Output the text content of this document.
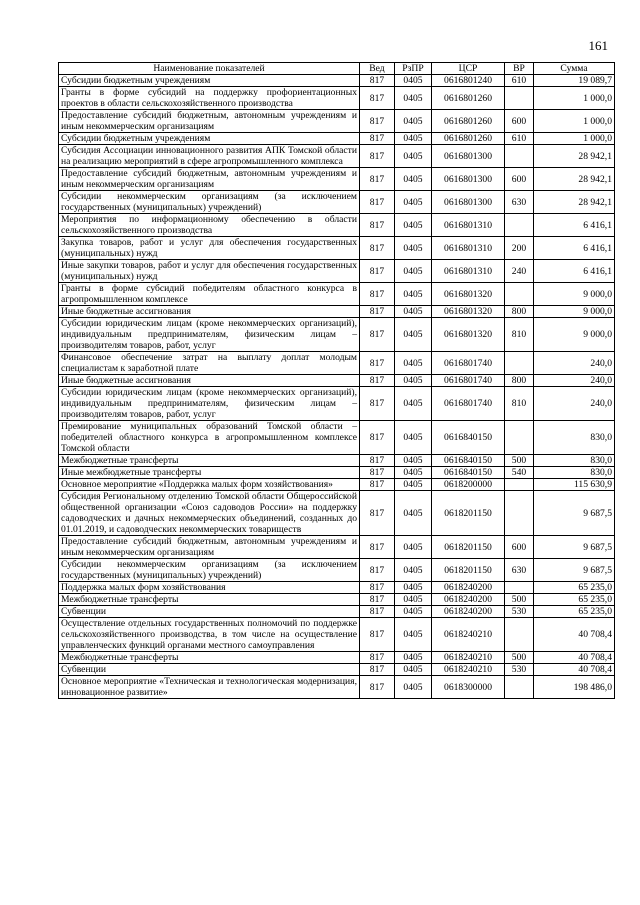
161
Наименование показателей	Вед	РзПР	ЦСР	ВР	Сумма
Субсидии бюджетным учреждениям	817	0405	0616801240	610	19 089,7
Гранты в форме субсидий на поддержку профориентационных проектов в области сельскохозяйственного производства	817	0405	0616801260		1 000,0
Предоставление субсидий бюджетным, автономным учреждениям и иным некоммерческим организациям	817	0405	0616801260	600	1 000,0
Субсидии бюджетным учреждениям	817	0405	0616801260	610	1 000,0
Субсидия Ассоциации инновационного развития АПК Томской области на реализацию мероприятий в сфере агропромышленного комплекса	817	0405	0616801300		28 942,1
Предоставление субсидий бюджетным, автономным учреждениям и иным некоммерческим организациям	817	0405	0616801300	600	28 942,1
Субсидии некоммерческим организациям (за исключением государственных (муниципальных) учреждений)	817	0405	0616801300	630	28 942,1
Мероприятия по информационному обеспечению в области сельскохозяйственного производства	817	0405	0616801310		6 416,1
Закупка товаров, работ и услуг для обеспечения государственных (муниципальных) нужд	817	0405	0616801310	200	6 416,1
Иные закупки товаров, работ и услуг для обеспечения государственных (муниципальных) нужд	817	0405	0616801310	240	6 416,1
Гранты в форме субсидий победителям областного конкурса в агропромышленном комплексе	817	0405	0616801320		9 000,0
Иные бюджетные ассигнования	817	0405	0616801320	800	9 000,0
Субсидии юридическим лицам (кроме некоммерческих организаций), индивидуальным предпринимателям, физическим лицам – производителям товаров, работ, услуг	817	0405	0616801320	810	9 000,0
Финансовое обеспечение затрат на выплату доплат молодым специалистам к заработной плате	817	0405	0616801740		240,0
Иные бюджетные ассигнования	817	0405	0616801740	800	240,0
Субсидии юридическим лицам (кроме некоммерческих организаций), индивидуальным предпринимателям, физическим лицам – производителям товаров, работ, услуг	817	0405	0616801740	810	240,0
Премирование муниципальных образований Томской области – победителей областного конкурса в агропромышленном комплексе Томской области	817	0405	0616840150		830,0
Межбюджетные трансферты	817	0405	0616840150	500	830,0
Иные межбюджетные трансферты	817	0405	0616840150	540	830,0
Основное мероприятие «Поддержка малых форм хозяйствования»	817	0405	0618200000		115 630,9
Субсидия Региональному отделению Томской области Общероссийской общественной организации «Союз садоводов России» на поддержку садоводческих и дачных некоммерческих объединений, созданных до 01.01.2019, и садоводческих некоммерческих товариществ	817	0405	0618201150		9 687,5
Предоставление субсидий бюджетным, автономным учреждениям и иным некоммерческим организациям	817	0405	0618201150	600	9 687,5
Субсидии некоммерческим организациям (за исключением государственных (муниципальных) учреждений)	817	0405	0618201150	630	9 687,5
Поддержка малых форм хозяйствования	817	0405	0618240200		65 235,0
Межбюджетные трансферты	817	0405	0618240200	500	65 235,0
Субвенции	817	0405	0618240200	530	65 235,0
Осуществление отдельных государственных полномочий по поддержке сельскохозяйственного производства, в том числе на осуществление управленческих функций органами местного самоуправления	817	0405	0618240210		40 708,4
Межбюджетные трансферты	817	0405	0618240210	500	40 708,4
Субвенции	817	0405	0618240210	530	40 708,4
Основное мероприятие «Техническая и технологическая модернизация, инновационное развитие»	817	0405	0618300000		198 486,0
